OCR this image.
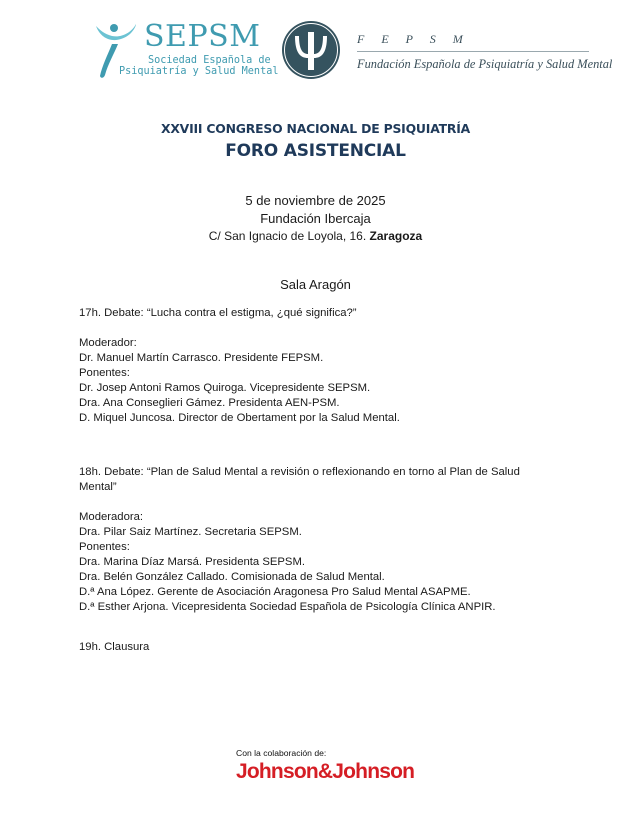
SEPSM
Sociedad Española de
Psiquiatría y Salud Mental
F E P S M
Fundación Española de Psiquiatría y Salud Mental
XXVIII CONGRESO NACIONAL DE PSIQUIATRÍA
FORO ASISTENCIAL
5 de noviembre de 2025
Fundación Ibercaja
C/ San Ignacio de Loyola, 16. Zaragoza
Sala Aragón
17h. Debate: “Lucha contra el estigma, ¿qué significa?”
Moderador:
Dr. Manuel Martín Carrasco. Presidente FEPSM.
Ponentes:
Dr. Josep Antoni Ramos Quiroga. Vicepresidente SEPSM.
Dra. Ana Conseglieri Gámez. Presidenta AEN-PSM.
D. Miquel Juncosa. Director de Obertament por la Salud Mental.
18h. Debate: “Plan de Salud Mental a revisión o reflexionando en torno al Plan de Salud
Mental”
Moderadora:
Dra. Pilar Saiz Martínez. Secretaria SEPSM.
Ponentes:
Dra. Marina Díaz Marsá. Presidenta SEPSM.
Dra. Belén González Callado. Comisionada de Salud Mental.
D.ª Ana López. Gerente de Asociación Aragonesa Pro Salud Mental ASAPME.
D.ª Esther Arjona. Vicepresidenta Sociedad Española de Psicología Clínica ANPIR.
19h. Clausura
Con la colaboración de:
Johnson&Johnson
